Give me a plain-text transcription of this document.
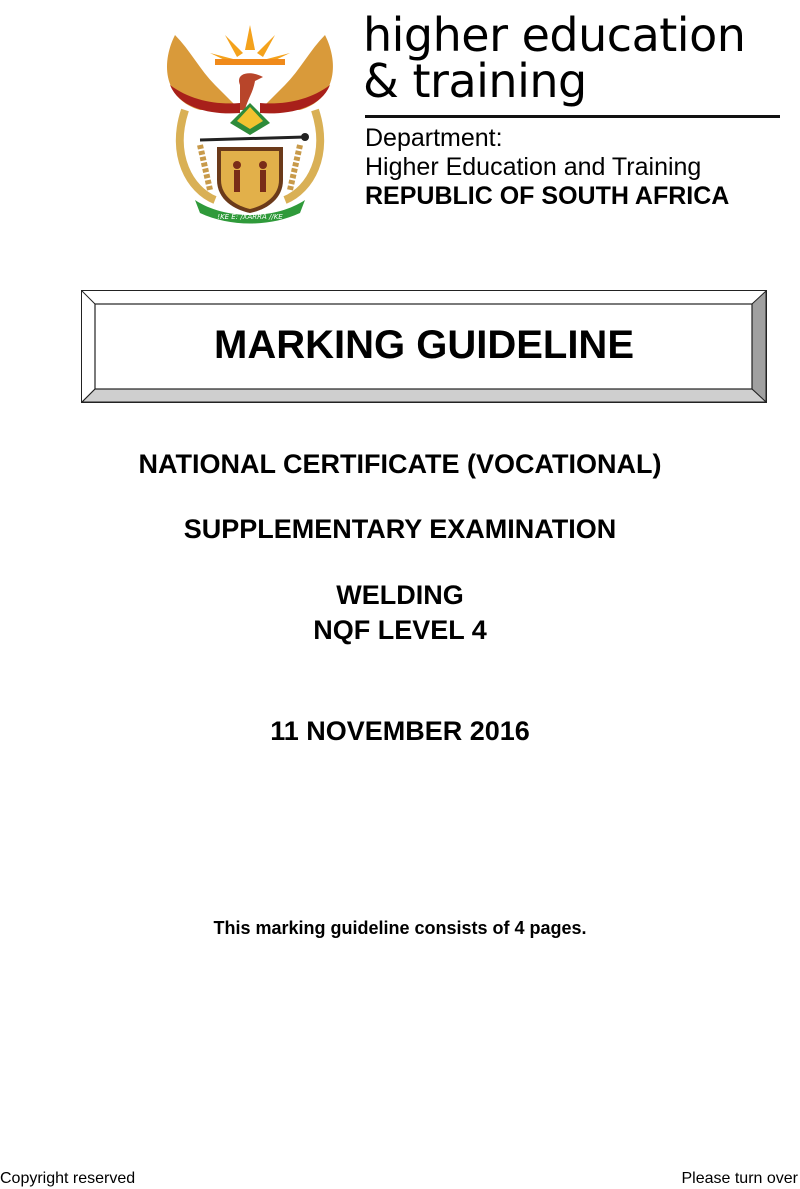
!KE E: /XARRA //KE

higher education

& training

Department:
Higher Education and Training
REPUBLIC OF SOUTH AFRICA
MARKING GUIDELINE
NATIONAL CERTIFICATE (VOCATIONAL)
SUPPLEMENTARY EXAMINATION
WELDING
NQF LEVEL 4
11 NOVEMBER 2016
This marking guideline consists of 4 pages.
Copyright reserved	Please turn over
